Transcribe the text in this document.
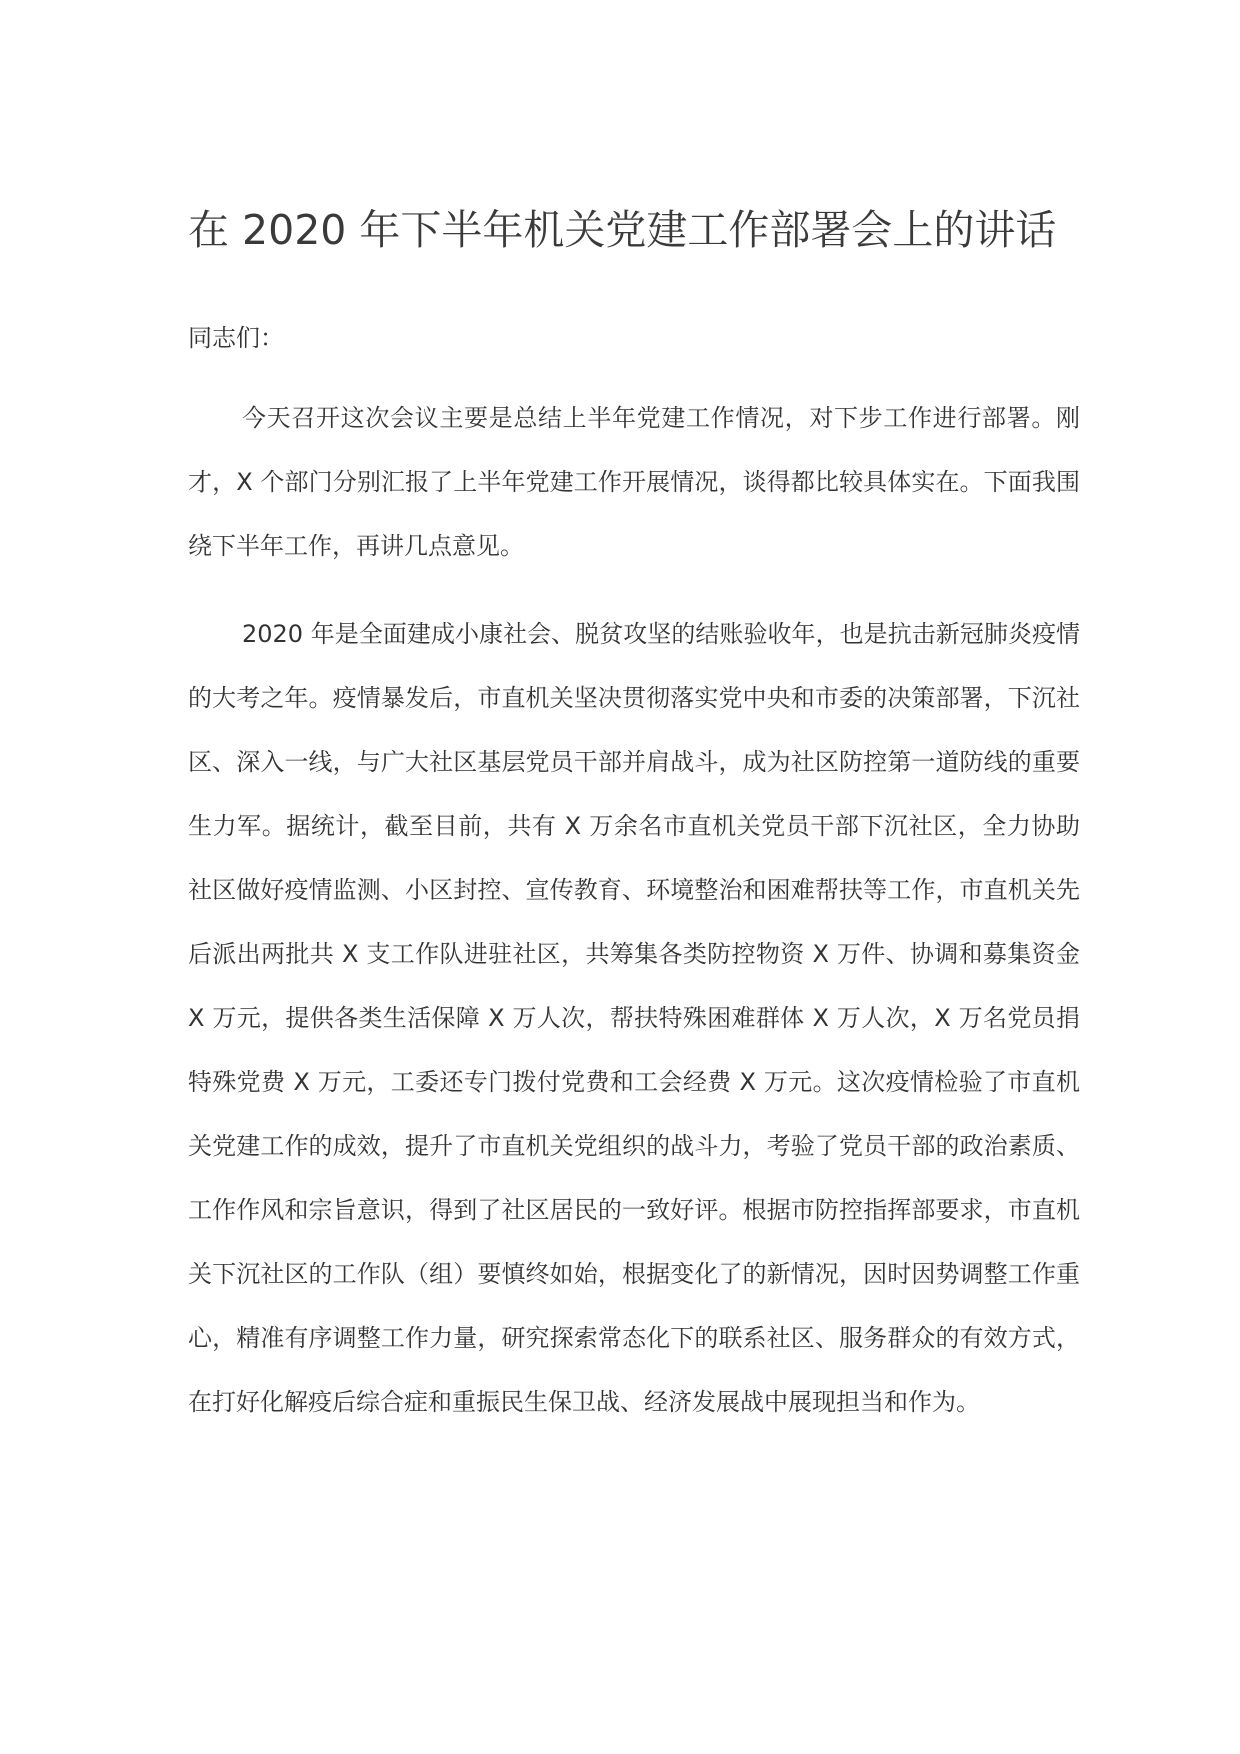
在 2020 年下半年机关党建工作部署会上的讲话

同志们：

今天召开这次会议主要是总结上半年党建工作情况，对下步工作进行部署。刚才，X 个部门分别汇报了上半年党建工作开展情况，谈得都比较具体实在。下面我围绕下半年工作，再讲几点意见。

2020 年是全面建成小康社会、脱贫攻坚的结账验收年，也是抗击新冠肺炎疫情的大考之年。疫情暴发后，市直机关坚决贯彻落实党中央和市委的决策部署，下沉社区、深入一线，与广大社区基层党员干部并肩战斗，成为社区防控第一道防线的重要生力军。据统计，截至目前，共有 X 万余名市直机关党员干部下沉社区，全力协助社区做好疫情监测、小区封控、宣传教育、环境整治和困难帮扶等工作，市直机关先后派出两批共 X 支工作队进驻社区，共筹集各类防控物资 X 万件、协调和募集资金 X 万元，提供各类生活保障 X 万人次，帮扶特殊困难群体 X 万人次，X 万名党员捐特殊党费 X 万元，工委还专门拨付党费和工会经费 X 万元。这次疫情检验了市直机关党建工作的成效，提升了市直机关党组织的战斗力，考验了党员干部的政治素质、工作作风和宗旨意识，得到了社区居民的一致好评。根据市防控指挥部要求，市直机关下沉社区的工作队（组）要慎终如始，根据变化了的新情况，因时因势调整工作重心，精准有序调整工作力量，研究探索常态化下的联系社区、服务群众的有效方式，在打好化解疫后综合症和重振民生保卫战、经济发展战中展现担当和作为。
